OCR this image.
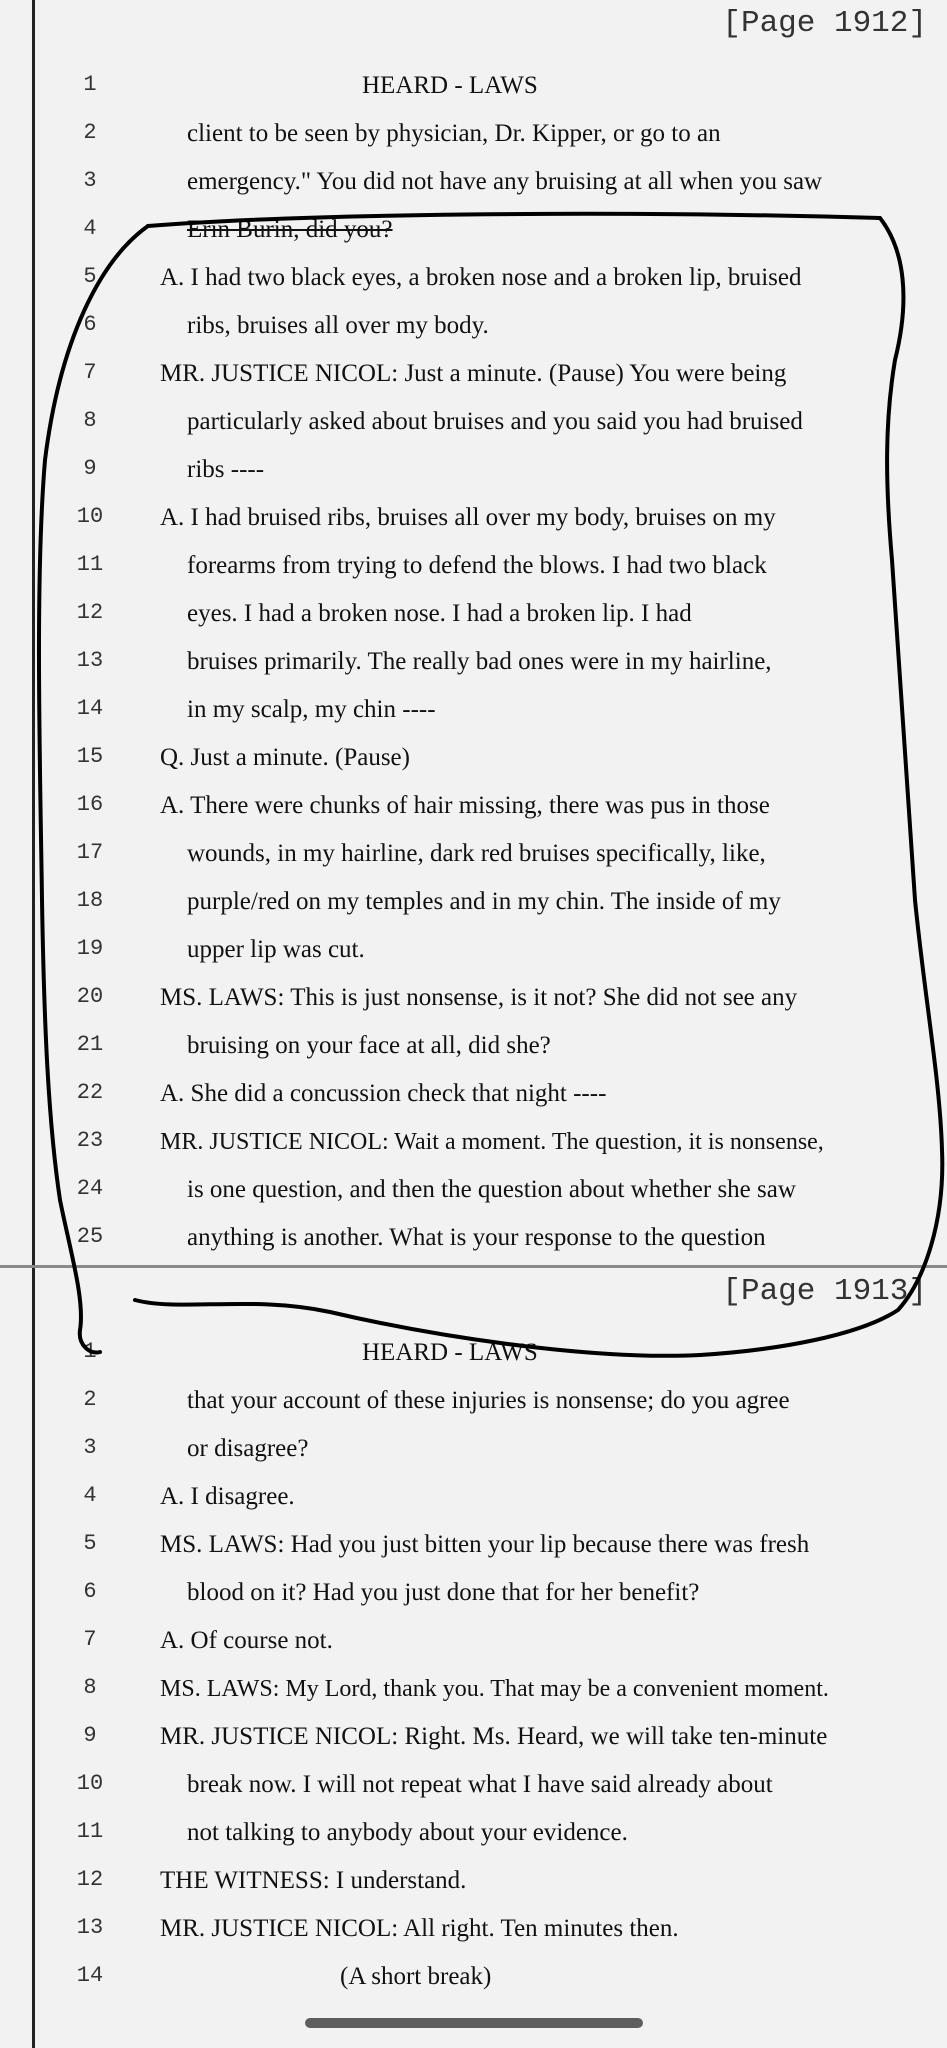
[Page 1912]
1	HEARD - LAWS
2	client to be seen by physician, Dr. Kipper, or go to an
3	emergency." You did not have any bruising at all when you saw
4	Erin Burin, did you?
5	A. I had two black eyes, a broken nose and a broken lip, bruised
6	ribs, bruises all over my body.
7	MR. JUSTICE NICOL: Just a minute. (Pause) You were being
8	particularly asked about bruises and you said you had bruised
9	ribs ----
10	A. I had bruised ribs, bruises all over my body, bruises on my
11	forearms from trying to defend the blows. I had two black
12	eyes. I had a broken nose. I had a broken lip. I had
13	bruises primarily. The really bad ones were in my hairline,
14	in my scalp, my chin ----
15	Q. Just a minute. (Pause)
16	A. There were chunks of hair missing, there was pus in those
17	wounds, in my hairline, dark red bruises specifically, like,
18	purple/red on my temples and in my chin. The inside of my
19	upper lip was cut.
20	MS. LAWS: This is just nonsense, is it not? She did not see any
21	bruising on your face at all, did she?
22	A. She did a concussion check that night ----
23	MR. JUSTICE NICOL: Wait a moment. The question, it is nonsense,
24	is one question, and then the question about whether she saw
25	anything is another. What is your response to the question
[Page 1913]
1	HEARD - LAWS
2	that your account of these injuries is nonsense; do you agree
3	or disagree?
4	A. I disagree.
5	MS. LAWS: Had you just bitten your lip because there was fresh
6	blood on it? Had you just done that for her benefit?
7	A. Of course not.
8	MS. LAWS: My Lord, thank you. That may be a convenient moment.
9	MR. JUSTICE NICOL: Right. Ms. Heard, we will take ten-minute
10	break now. I will not repeat what I have said already about
11	not talking to anybody about your evidence.
12	THE WITNESS: I understand.
13	MR. JUSTICE NICOL: All right. Ten minutes then.
14	(A short break)
